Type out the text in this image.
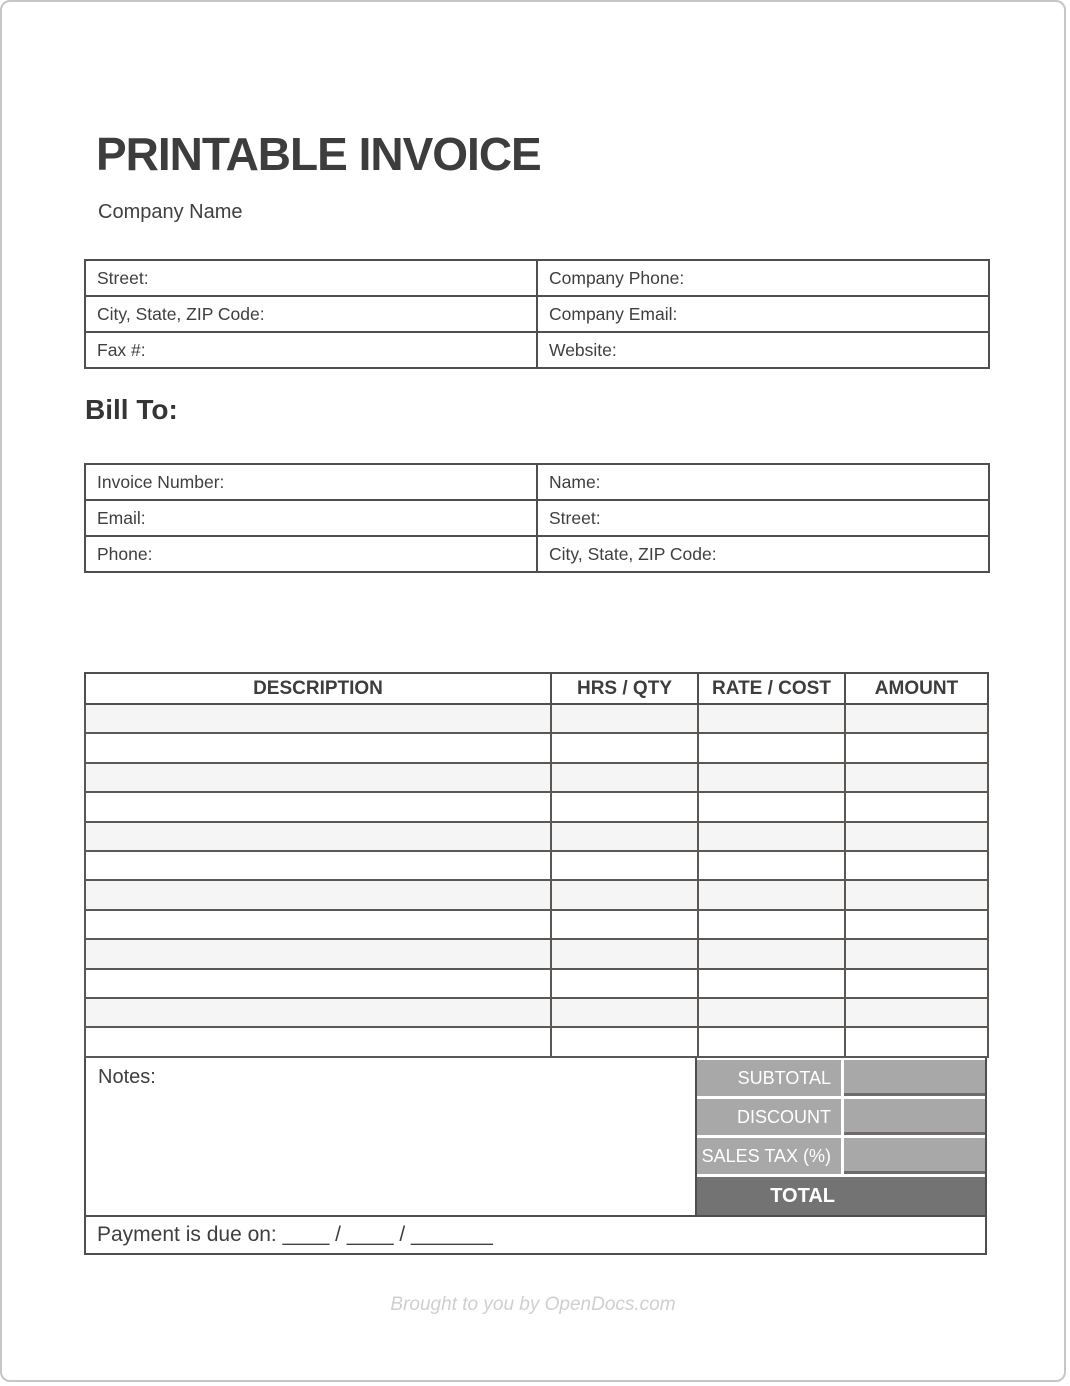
PRINTABLE INVOICE
Company Name
Street:	Company Phone:
City, State, ZIP Code:	Company Email:
Fax #:	Website:
Bill To:
Invoice Number:	Name:
Email:	Street:
Phone:	City, State, ZIP Code:
DESCRIPTION	HRS / QTY	RATE / COST	AMOUNT

Notes:	SUBTOTAL
DISCOUNT
SALES TAX (%)
TOTAL
Payment is due on: ____ / ____ / _______
Brought to you by OpenDocs.com
